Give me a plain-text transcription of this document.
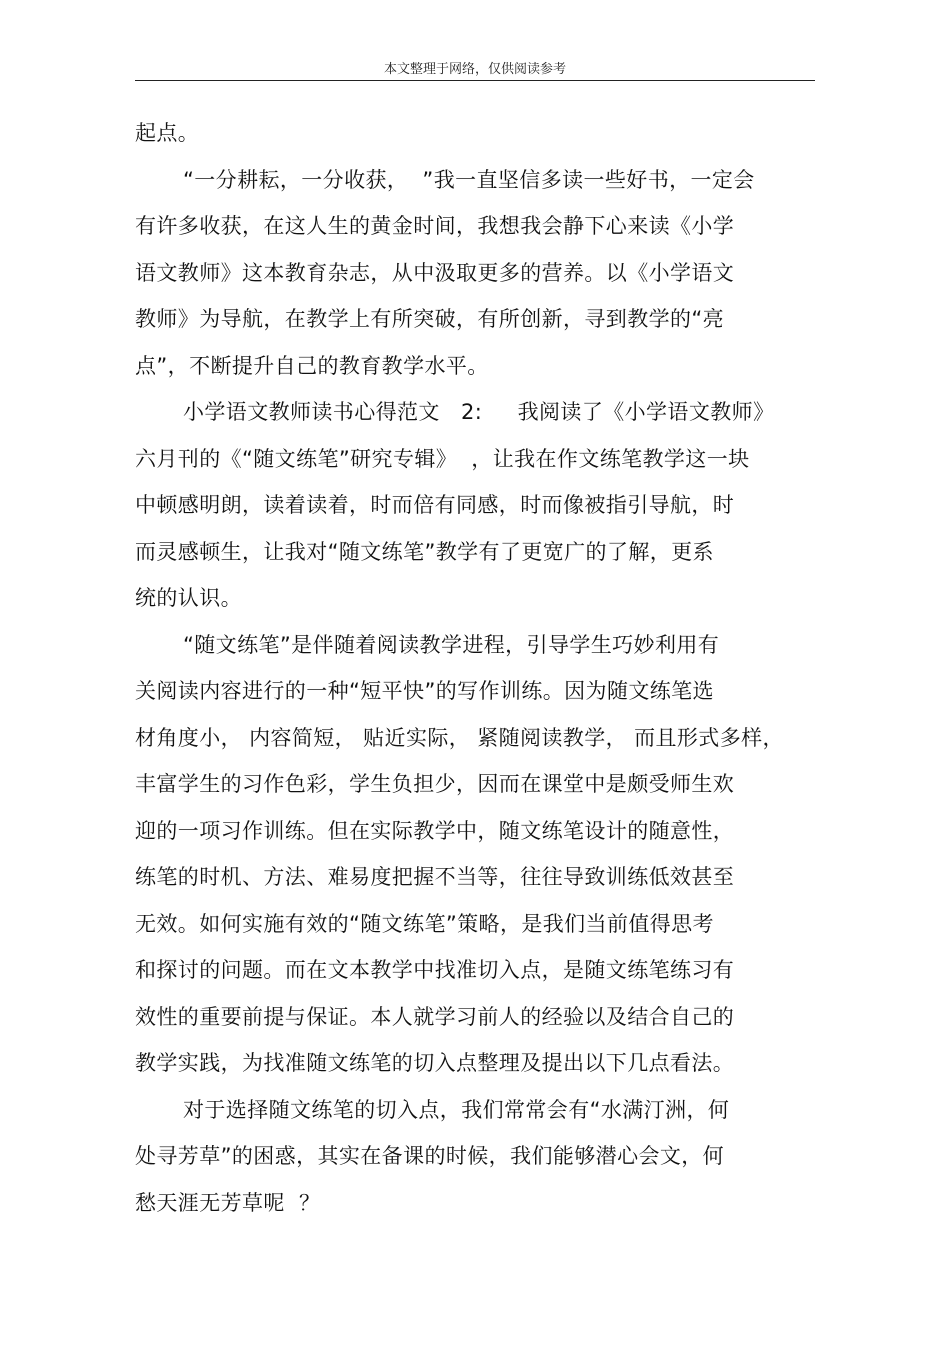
本文整理于网络，仅供阅读参考
起点。
“一分耕耘，一分收获，  ”我一直坚信多读一些好书，一定会
有许多收获，在这人生的黄金时间，我想我会静下心来读《小学
语文教师》这本教育杂志，从中汲取更多的营养。以《小学语文
教师》为导航，在教学上有所突破，有所创新，寻到教学的“亮
点”，不断提升自己的教育教学水平。
小学语文教师读书心得范文   2:     我阅读了《小学语文教师》
六月刊的《“随文练笔”研究专辑》  ，让我在作文练笔教学这一块
中顿感明朗，读着读着，时而倍有同感，时而像被指引导航，时
而灵感顿生，让我对“随文练笔”教学有了更宽广的了解，更系
统的认识。
“随文练笔”是伴随着阅读教学进程，引导学生巧妙利用有
关阅读内容进行的一种“短平快”的写作训练。因为随文练笔选
材角度小， 内容简短， 贴近实际， 紧随阅读教学， 而且形式多样，
丰富学生的习作色彩，学生负担少，因而在课堂中是颇受师生欢
迎的一项习作训练。但在实际教学中，随文练笔设计的随意性，
练笔的时机、方法、难易度把握不当等，往往导致训练低效甚至
无效。如何实施有效的“随文练笔”策略，是我们当前值得思考
和探讨的问题。而在文本教学中找准切入点，是随文练笔练习有
效性的重要前提与保证。本人就学习前人的经验以及结合自己的
教学实践，为找准随文练笔的切入点整理及提出以下几点看法。
对于选择随文练笔的切入点，我们常常会有“水满汀洲，何
处寻芳草”的困惑，其实在备课的时候，我们能够潜心会文，何
愁天涯无芳草呢  ？
